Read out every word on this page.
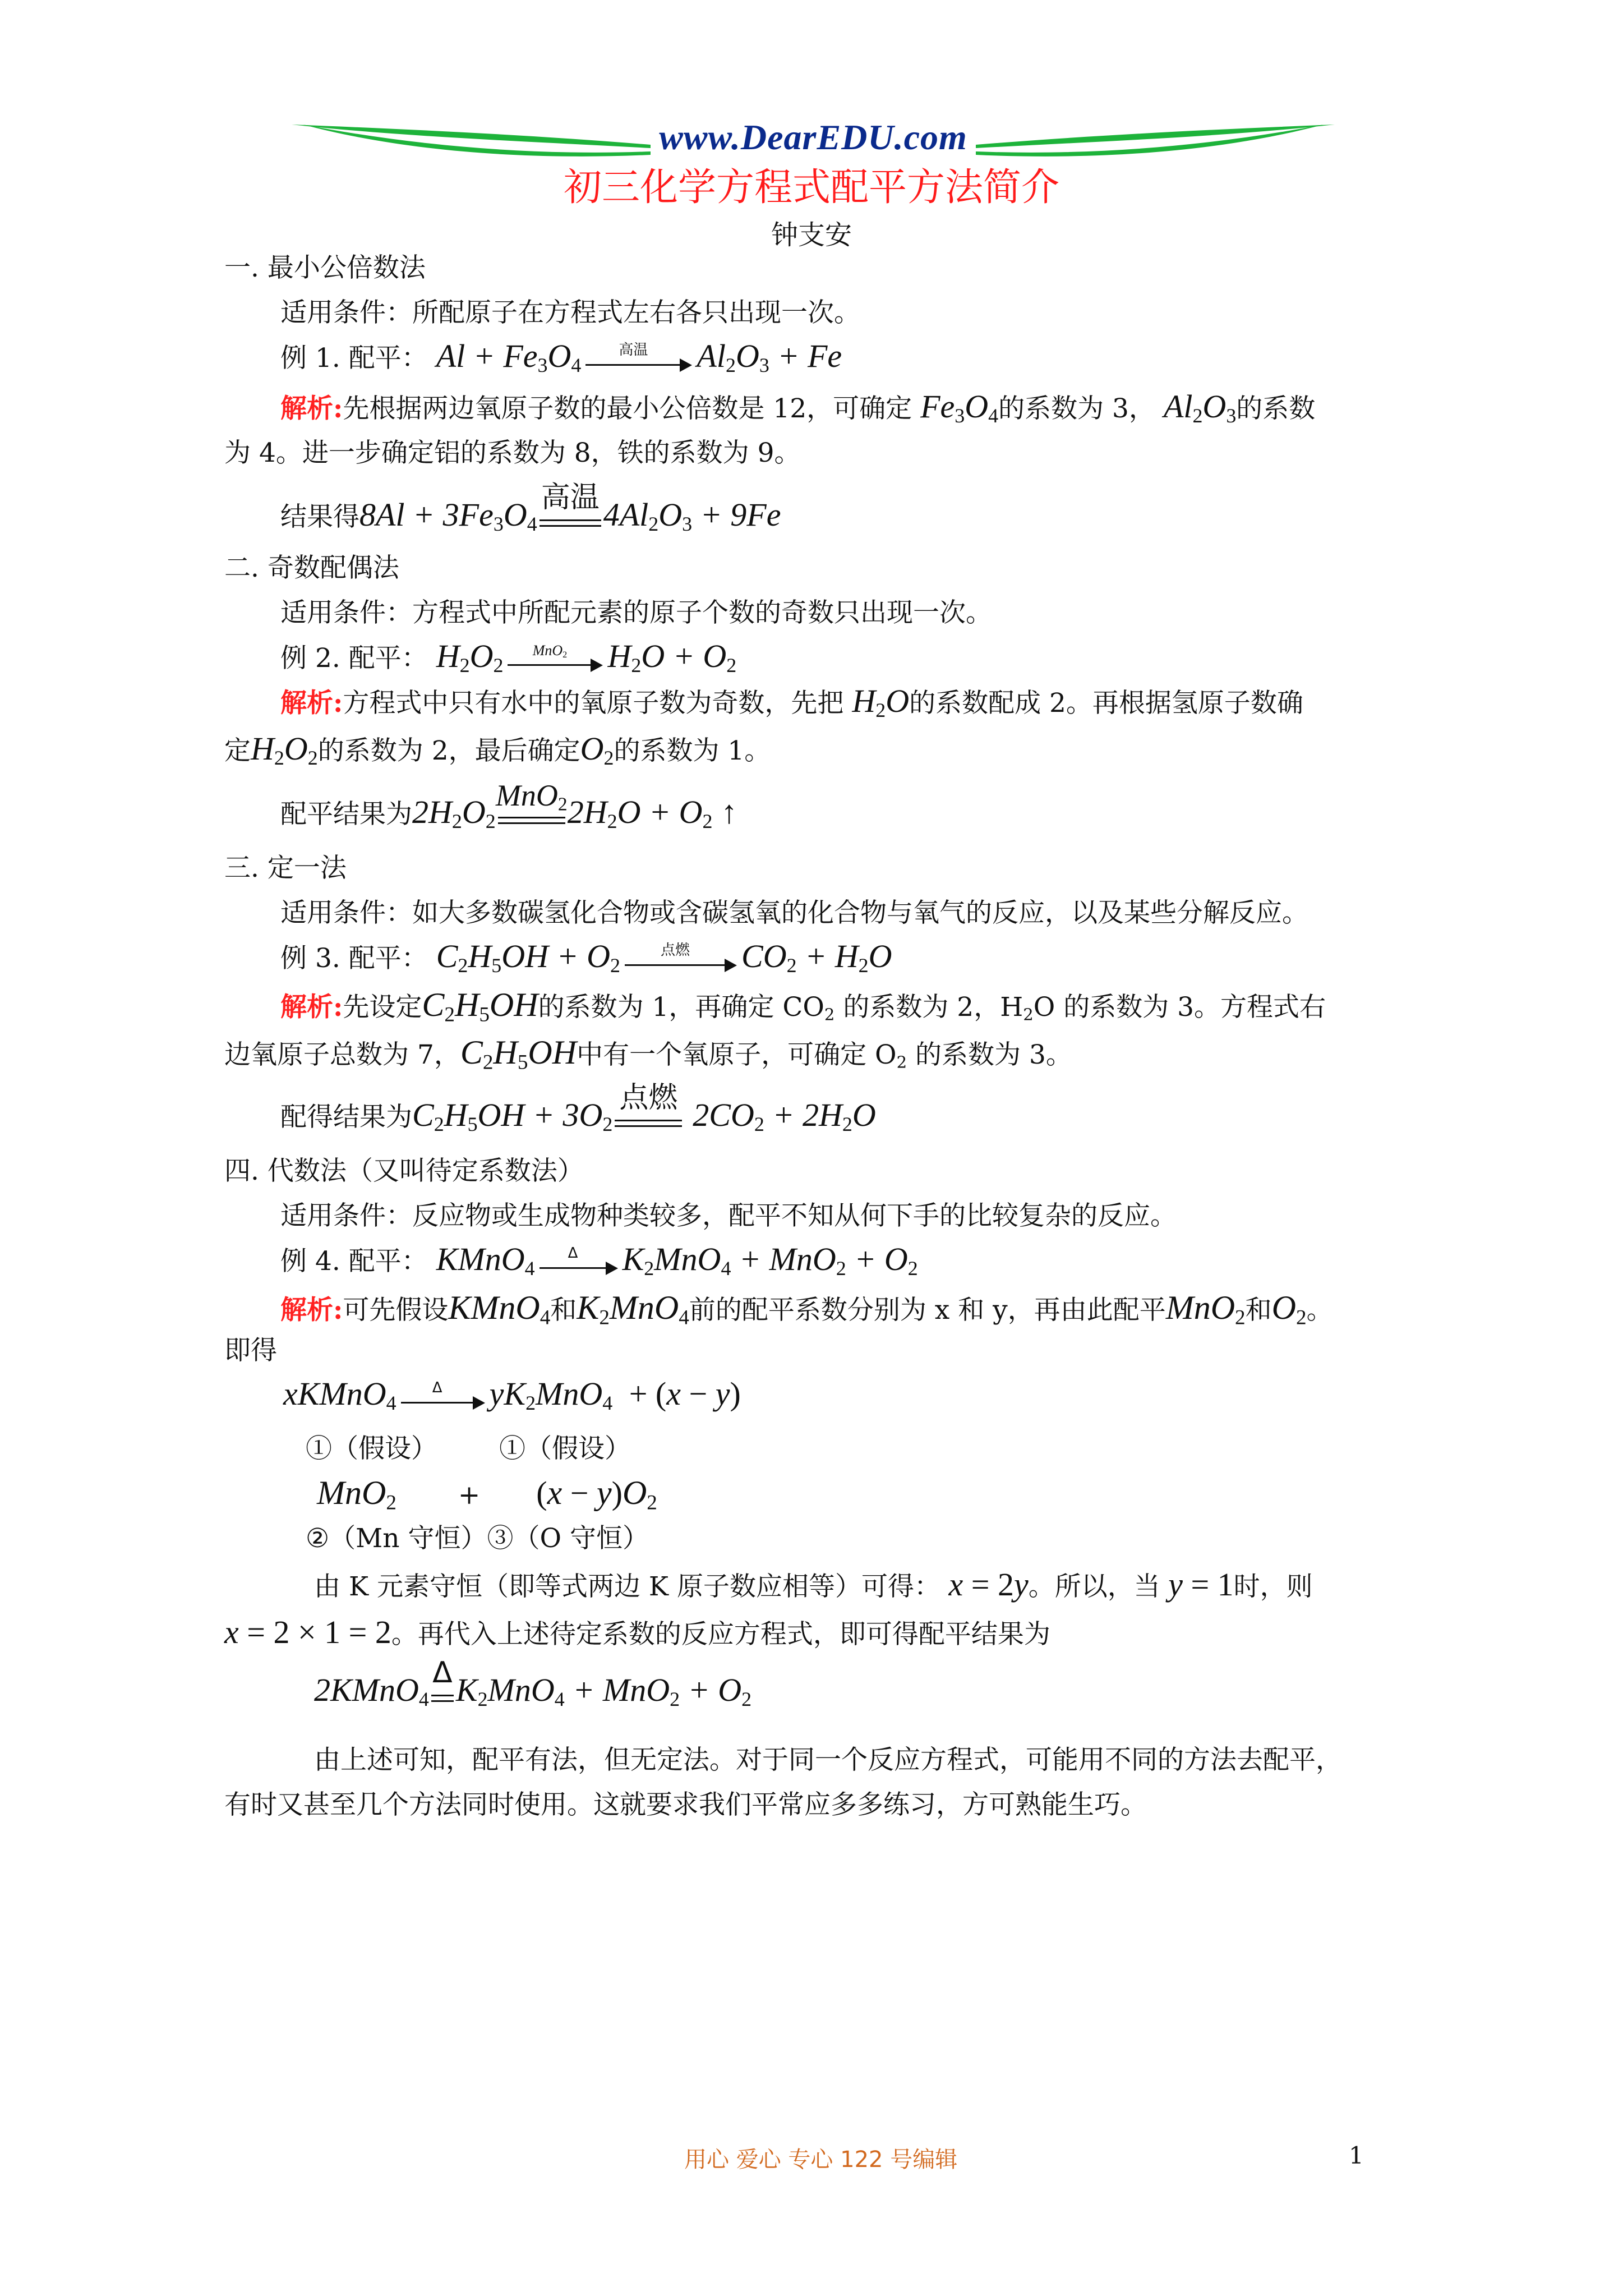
www.DearEDU.com
初三化学方程式配平方法简介
钟支安
一. 最小公倍数法
适用条件：所配原子在方程式左右各只出现一次。
例 1. 配平： $Al + Fe_3O_4$
高温	$Al_2O_3 + Fe$
解析:先根据两边氧原子数的最小公倍数是 12，可确定 $Fe_3O_4$的系数为 3， $Al_2O_3$的系数
为 4。进一步确定铝的系数为 8，铁的系数为 9。
结果得$8Al + 3Fe_3O_4$
高温 $4Al_2O_3 + 9Fe$
二. 奇数配偶法
适用条件：方程式中所配元素的原子个数的奇数只出现一次。
例 2. 配平： $H_2O_2$
MnO$_2$	$H_2O + O_2$
解析:方程式中只有水中的氧原子数为奇数，先把 $H_2O$的系数配成 2。再根据氢原子数确
定$H_2O_2$的系数为 2，最后确定$O_2$的系数为 1。
配平结果为$2H_2O_2$
MnO$_2$ $2H_2O + O_2$ ↑
三. 定一法
适用条件：如大多数碳氢化合物或含碳氢氧的化合物与氧气的反应，以及某些分解反应。
例 3. 配平： $C_2H_5OH + O_2$
点燃	$CO_2 + H_2O$
解析:先设定$C_2H_5OH$的系数为 1，再确定 $CO_2$ 的系数为 2，$H_2O$ 的系数为 3。方程式右
边氧原子总数为 7，$C_2H_5OH$中有一个氧原子，可确定 $O_2$ 的系数为 3。
配得结果为$C_2H_5OH + 3O_2$
点燃 $2CO_2 + 2H_2O$
四. 代数法（又叫待定系数法）
适用条件：反应物或生成物种类较多，配平不知从何下手的比较复杂的反应。
例 4. 配平： KMnO$_4$
Δ	$K_2MnO_4 + MnO_2 + O_2$
解析:可先假设KMnO$_4$和$K_2MnO_4$前的配平系数分别为 x 和 y，再由此配平MnO$_2$和$O_2$。
即得
xKMnO$_4$
Δ	$yK_2MnO_4 + (x - y)$
①（假设） ①（假设）
$MnO_2 + (x - y)O_2$
②（Mn 守恒）③（O 守恒）
由 K 元素守恒（即等式两边 K 原子数应相等）可得： x = 2y。所以，当 y = 1时，则
x = 2 × 1 = 2。再代入上述待定系数的反应方程式，即可得配平结果为
2KMnO$_4$
Δ $K_2MnO_4 + MnO_2 + O_2$
由上述可知，配平有法，但无定法。对于同一个反应方程式，可能用不同的方法去配平，
有时又甚至几个方法同时使用。这就要求我们平常应多多练习，方可熟能生巧。
用心 爱心 专心 122 号编辑	1
